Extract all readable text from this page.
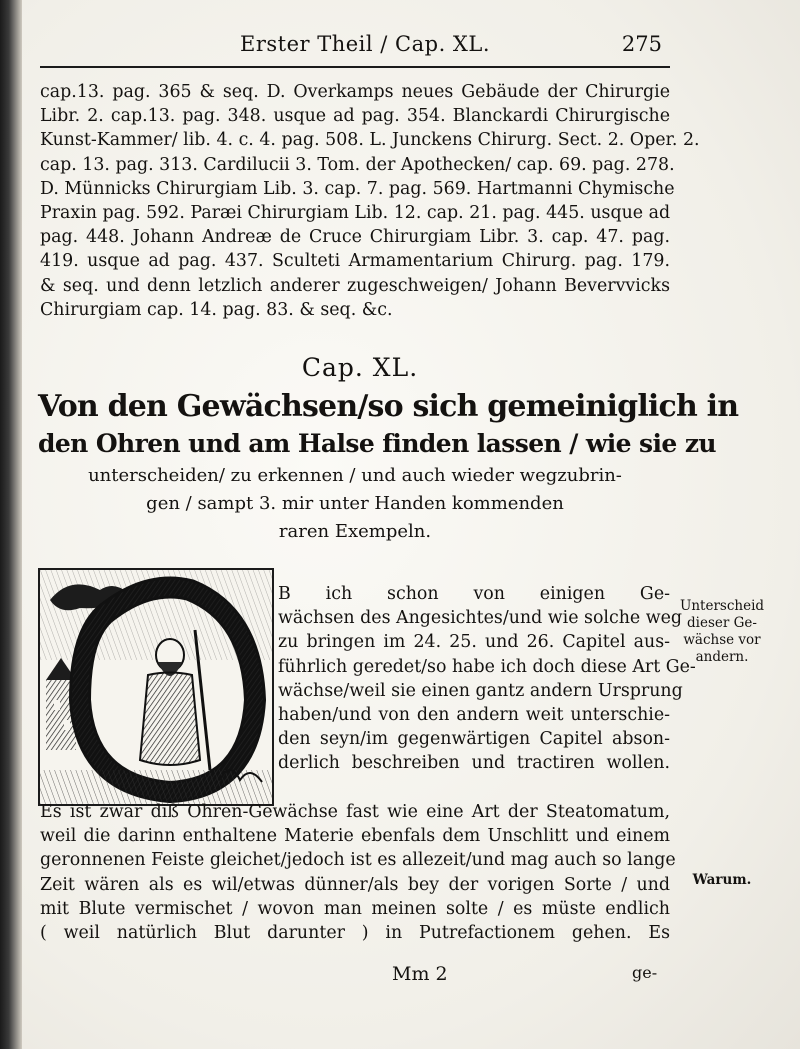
Erster Theil / Cap. XL.	275
cap.13. pag. 365 & seq. D. Overkamps neues Gebäude der Chirurgie
Libr. 2. cap.13. pag. 348. usque ad pag. 354. Blanckardi Chirurgische
Kunst-Kammer/ lib. 4. c. 4. pag. 508. L. Junckens Chirurg. Sect. 2. Oper. 2.
cap. 13. pag. 313. Cardilucii 3. Tom. der Apothecken/ cap. 69. pag. 278.
D. Münnicks Chirurgiam Lib. 3. cap. 7. pag. 569. Hartmanni Chymische
Praxin pag. 592. Paræi Chirurgiam Lib. 12. cap. 21. pag. 445. usque ad
pag. 448. Johann Andreæ de Cruce Chirurgiam Libr. 3. cap. 47. pag.
419. usque ad pag. 437. Sculteti Armamentarium Chirurg. pag. 179.
& seq. und denn letzlich anderer zugeschweigen/ Johann Bevervvicks
Chirurgiam cap. 14. pag. 83. & seq. &c.
Cap. XL.
Von den Gewächsen/so sich gemeiniglich in
den Ohren und am Halse finden lassen / wie sie zu
unterscheiden/ zu erkennen / und auch wieder wegzubrin-
gen / sampt 3. mir unter Handen kommenden
raren Exempeln.
B ich schon von einigen Ge-
wächsen des Angesichtes/und wie solche weg
zu bringen im 24. 25. und 26. Capitel aus-
führlich geredet/so habe ich doch diese Art Ge-
wächse/weil sie einen gantz andern Ursprung
haben/und von den andern weit unterschie-
den seyn/im gegenwärtigen Capitel abson-
derlich beschreiben und tractiren wollen.
Es ist zwar diß Ohren-Gewächse fast wie eine Art der Steatomatum,
weil die darinn enthaltene Materie ebenfals dem Unschlitt und einem
geronnenen Feiste gleichet/jedoch ist es allezeit/und mag auch so lange
Zeit wären als es wil/etwas dünner/als bey der vorigen Sorte / und
mit Blute vermischet / wovon man meinen solte / es müste endlich
( weil natürlich Blut darunter ) in Putrefactionem gehen. Es
Unterscheid
dieser Ge-
wächse vor
andern.
Warum.
Mm 2	ge-
